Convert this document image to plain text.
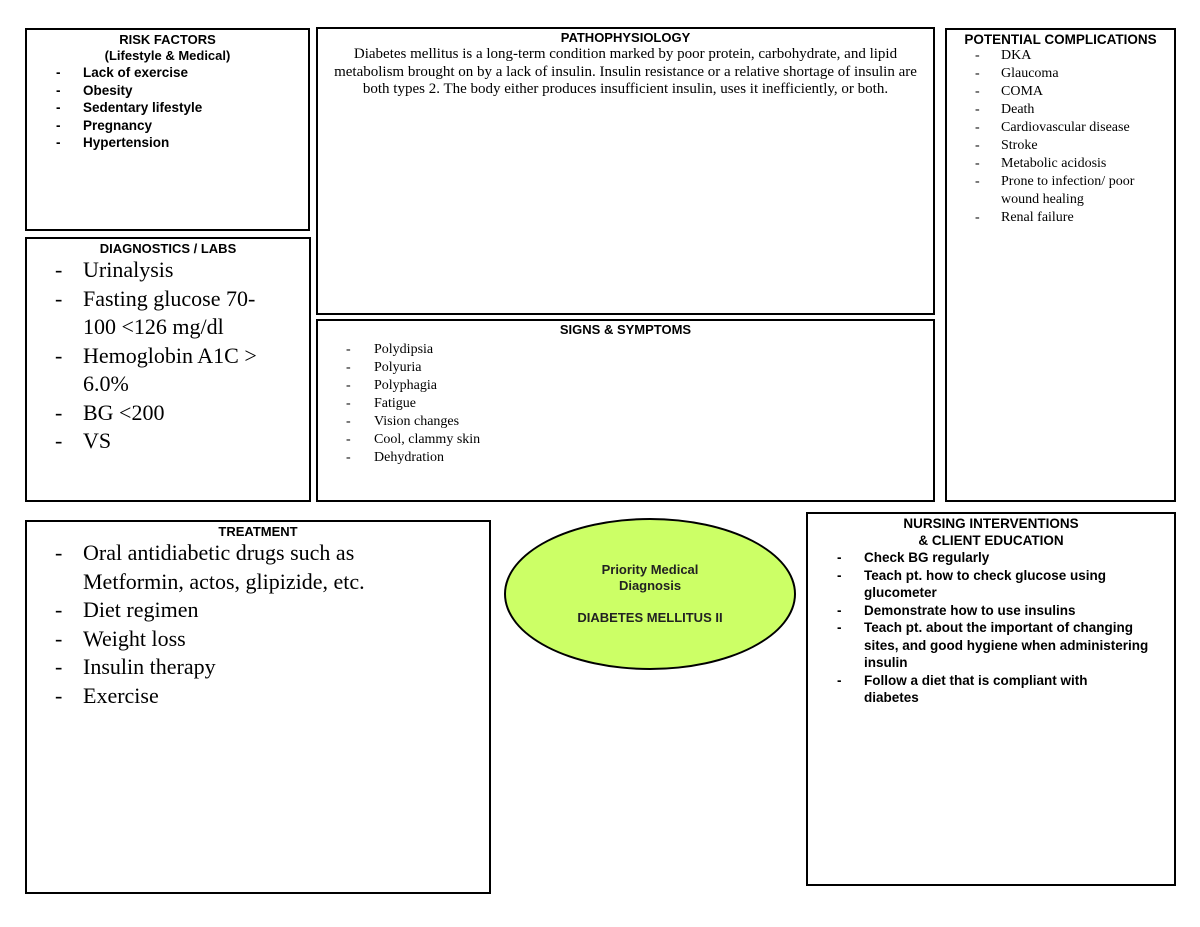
RISK FACTORS

(Lifestyle & Medical)

- Lack of exercise
- Obesity
- Sedentary lifestyle
- Pregnancy
- Hypertension

PATHOPHYSIOLOGY

Diabetes mellitus is a long-term condition marked by poor protein, carbohydrate, and lipid metabolism brought on by a lack of insulin. Insulin resistance or a relative shortage of insulin are both types 2. The body either produces insufficient insulin, uses it inefficiently, or both.

POTENTIAL COMPLICATIONS

- DKA
- Glaucoma
- COMA
- Death
- Cardiovascular disease
- Stroke
- Metabolic acidosis
- Prone to infection/ poor wound healing
- Renal failure

DIAGNOSTICS / LABS

- Urinalysis
- Fasting glucose 70-100 <126 mg/dl
- Hemoglobin A1C > 6.0%
- BG <200
- VS

SIGNS & SYMPTOMS

- Polydipsia
- Polyuria
- Polyphagia
- Fatigue
- Vision changes
- Cool, clammy skin
- Dehydration

TREATMENT

- Oral antidiabetic drugs such as Metformin, actos, glipizide, etc.
- Diet regimen
- Weight loss
- Insulin therapy
- Exercise
Priority Medical
Diagnosis
DIABETES MELLITUS II

NURSING INTERVENTIONS

& CLIENT EDUCATION

- Check BG regularly
- Teach pt. how to check glucose using glucometer
- Demonstrate how to use insulins
- Teach pt. about the important of changing sites, and good hygiene when administering insulin
- Follow a diet that is compliant with diabetes
